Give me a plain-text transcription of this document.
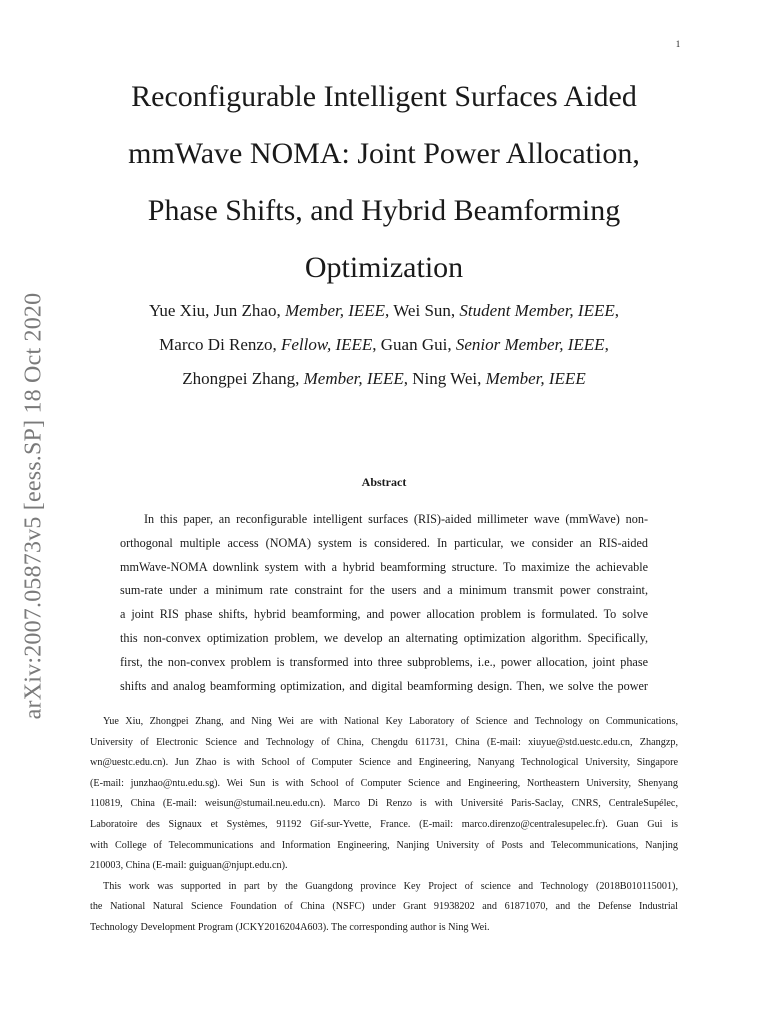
1
arXiv:2007.05873v5 [eess.SP] 18 Oct 2020
Reconfigurable Intelligent Surfaces Aided
mmWave NOMA: Joint Power Allocation,
Phase Shifts, and Hybrid Beamforming
Optimization
Yue Xiu, Jun Zhao, Member, IEEE, Wei Sun, Student Member, IEEE,
Marco Di Renzo, Fellow, IEEE, Guan Gui, Senior Member, IEEE,
Zhongpei Zhang, Member, IEEE, Ning Wei, Member, IEEE
Abstract
In this paper, an reconfigurable intelligent surfaces (RIS)-aided millimeter wave (mmWave) non-
orthogonal multiple access (NOMA) system is considered. In particular, we consider an RIS-aided
mmWave-NOMA downlink system with a hybrid beamforming structure. To maximize the achievable
sum-rate under a minimum rate constraint for the users and a minimum transmit power constraint,
a joint RIS phase shifts, hybrid beamforming, and power allocation problem is formulated. To solve
this non-convex optimization problem, we develop an alternating optimization algorithm. Specifically,
first, the non-convex problem is transformed into three subproblems, i.e., power allocation, joint phase
shifts and analog beamforming optimization, and digital beamforming design. Then, we solve the power
Yue Xiu, Zhongpei Zhang, and Ning Wei are with National Key Laboratory of Science and Technology on Communications,
University of Electronic Science and Technology of China, Chengdu 611731, China (E-mail: xiuyue@std.uestc.edu.cn, Zhangzp,
wn@uestc.edu.cn). Jun Zhao is with School of Computer Science and Engineering, Nanyang Technological University, Singapore
(E-mail: junzhao@ntu.edu.sg). Wei Sun is with School of Computer Science and Engineering, Northeastern University, Shenyang
110819, China (E-mail: weisun@stumail.neu.edu.cn). Marco Di Renzo is with Université Paris-Saclay, CNRS, CentraleSupélec,
Laboratoire des Signaux et Systèmes, 91192 Gif-sur-Yvette, France. (E-mail: marco.direnzo@centralesupelec.fr). Guan Gui is
with College of Telecommunications and Information Engineering, Nanjing University of Posts and Telecommunications, Nanjing
210003, China (E-mail: guiguan@njupt.edu.cn).
This work was supported in part by the Guangdong province Key Project of science and Technology (2018B010115001),
the National Natural Science Foundation of China (NSFC) under Grant 91938202 and 61871070, and the Defense Industrial
Technology Development Program (JCKY2016204A603). The corresponding author is Ning Wei.
